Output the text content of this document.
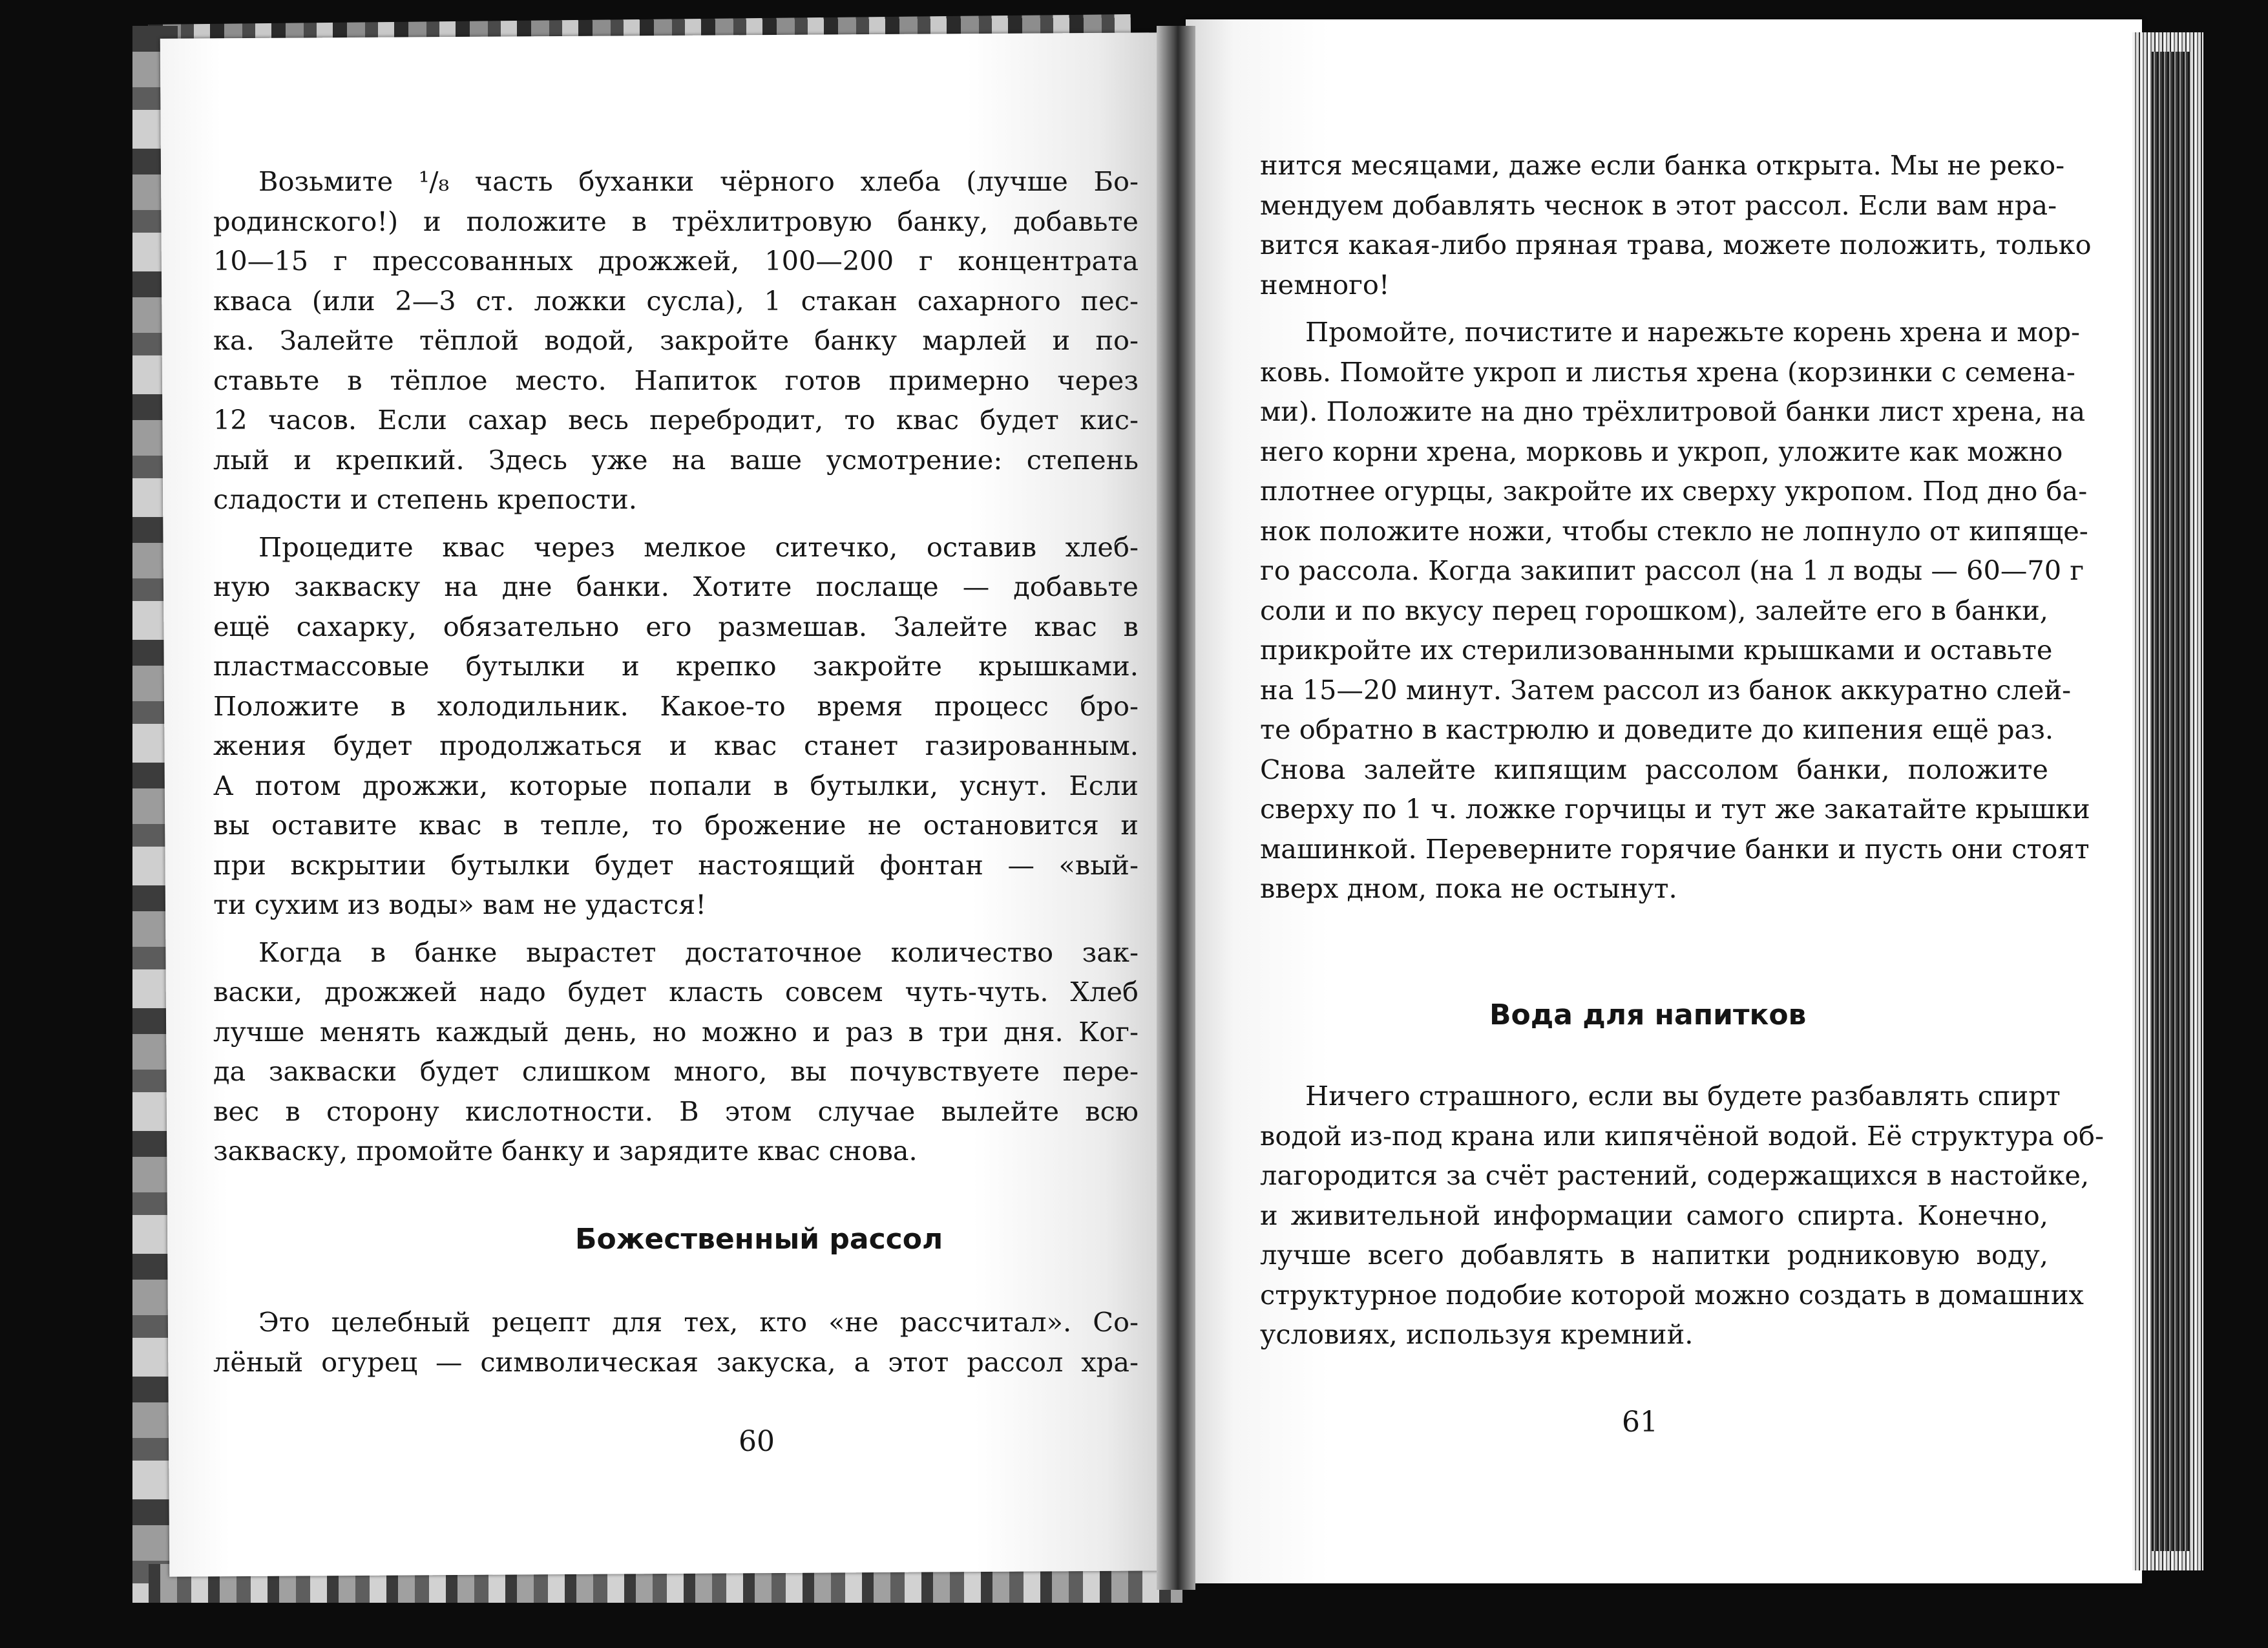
Возьмите ¹/₈ часть буханки чёрного хлеба (лучше Бо-
родинского!) и положите в трёхлитровую банку, добавьте
10—15 г прессованных дрожжей, 100—200 г концентрата
кваса (или 2—3 ст. ложки сусла), 1 стакан сахарного пес-
ка. Залейте тёплой водой, закройте банку марлей и по-
ставьте в тёплое место. Напиток готов примерно через
12 часов. Если сахар весь перебродит, то квас будет кис-
лый и крепкий. Здесь уже на ваше усмотрение: степень
сладости и степень крепости.
Процедите квас через мелкое ситечко, оставив хлеб-
ную закваску на дне банки. Хотите послаще — добавьте
ещё сахарку, обязательно его размешав. Залейте квас в
пластмассовые бутылки и крепко закройте крышками.
Положите в холодильник. Какое-то время процесс бро-
жения будет продолжаться и квас станет газированным.
А потом дрожжи, которые попали в бутылки, уснут. Если
вы оставите квас в тепле, то брожение не остановится и
при вскрытии бутылки будет настоящий фонтан — «вый-
ти сухим из воды» вам не удастся!
Когда в банке вырастет достаточное количество зак-
васки, дрожжей надо будет класть совсем чуть-чуть. Хлеб
лучше менять каждый день, но можно и раз в три дня. Ког-
да закваски будет слишком много, вы почувствуете пере-
вес в сторону кислотности. В этом случае вылейте всю
закваску, промойте банку и зарядите квас снова.
Божественный рассол
Это целебный рецепт для тех, кто «не рассчитал». Со-
лёный огурец — символическая закуска, а этот рассол хра-
60
нится месяцами, даже если банка открыта. Мы не реко-
мендуем добавлять чеснок в этот рассол. Если вам нра-
вится какая-либо пряная трава, можете положить, только
немного!
Промойте, почистите и нарежьте корень хрена и мор-
ковь. Помойте укроп и листья хрена (корзинки с семена-
ми). Положите на дно трёхлитровой банки лист хрена, на
него корни хрена, морковь и укроп, уложите как можно
плотнее огурцы, закройте их сверху укропом. Под дно ба-
нок положите ножи, чтобы стекло не лопнуло от кипяще-
го рассола. Когда закипит рассол (на 1 л воды — 60—70 г
соли и по вкусу перец горошком), залейте его в банки,
прикройте их стерилизованными крышками и оставьте
на 15—20 минут. Затем рассол из банок аккуратно слей-
те обратно в кастрюлю и доведите до кипения ещё раз.
Снова залейте кипящим рассолом банки, положите
сверху по 1 ч. ложке горчицы и тут же закатайте крышки
машинкой. Переверните горячие банки и пусть они стоят
вверх дном, пока не остынут.
Вода для напитков
Ничего страшного, если вы будете разбавлять спирт
водой из-под крана или кипячёной водой. Её структура об-
лагородится за счёт растений, содержащихся в настойке,
и живительной информации самого спирта. Конечно,
лучше всего добавлять в напитки родниковую воду,
структурное подобие которой можно создать в домашних
условиях, используя кремний.
61
